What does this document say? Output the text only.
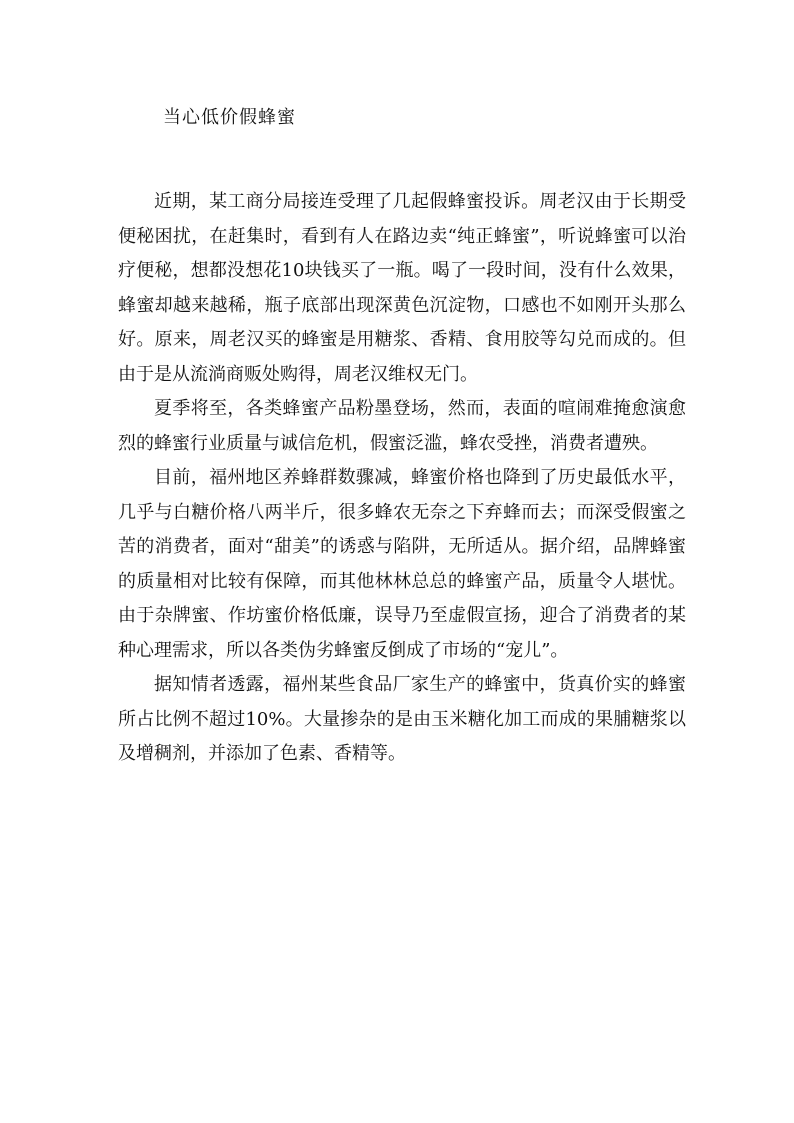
当心低价假蜂蜜

近期，某工商分局接连受理了几起假蜂蜜投诉。周老汉由于长期受便秘困扰，在赶集时，看到有人在路边卖“纯正蜂蜜”，听说蜂蜜可以治疗便秘，想都没想花10块钱买了一瓶。喝了一段时间，没有什么效果，蜂蜜却越来越稀，瓶子底部出现深黄色沉淀物，口感也不如刚开头那么好。原来，周老汉买的蜂蜜是用糖浆、香精、食用胶等勾兑而成的。但由于是从流淌商贩处购得，周老汉维权无门。

夏季将至，各类蜂蜜产品粉墨登场，然而，表面的喧闹难掩愈演愈烈的蜂蜜行业质量与诚信危机，假蜜泛滥，蜂农受挫，消费者遭殃。

目前，福州地区养蜂群数骤减，蜂蜜价格也降到了历史最低水平，几乎与白糖价格八两半斤，很多蜂农无奈之下弃蜂而去；而深受假蜜之苦的消费者，面对“甜美”的诱惑与陷阱，无所适从。据介绍，品牌蜂蜜的质量相对比较有保障，而其他林林总总的蜂蜜产品，质量令人堪忧。由于杂牌蜜、作坊蜜价格低廉，误导乃至虚假宣扬，迎合了消费者的某种心理需求，所以各类伪劣蜂蜜反倒成了市场的“宠儿”。

据知情者透露，福州某些食品厂家生产的蜂蜜中，货真价实的蜂蜜所占比例不超过10%。大量掺杂的是由玉米糖化加工而成的果脯糖浆以及增稠剂，并添加了色素、香精等。
